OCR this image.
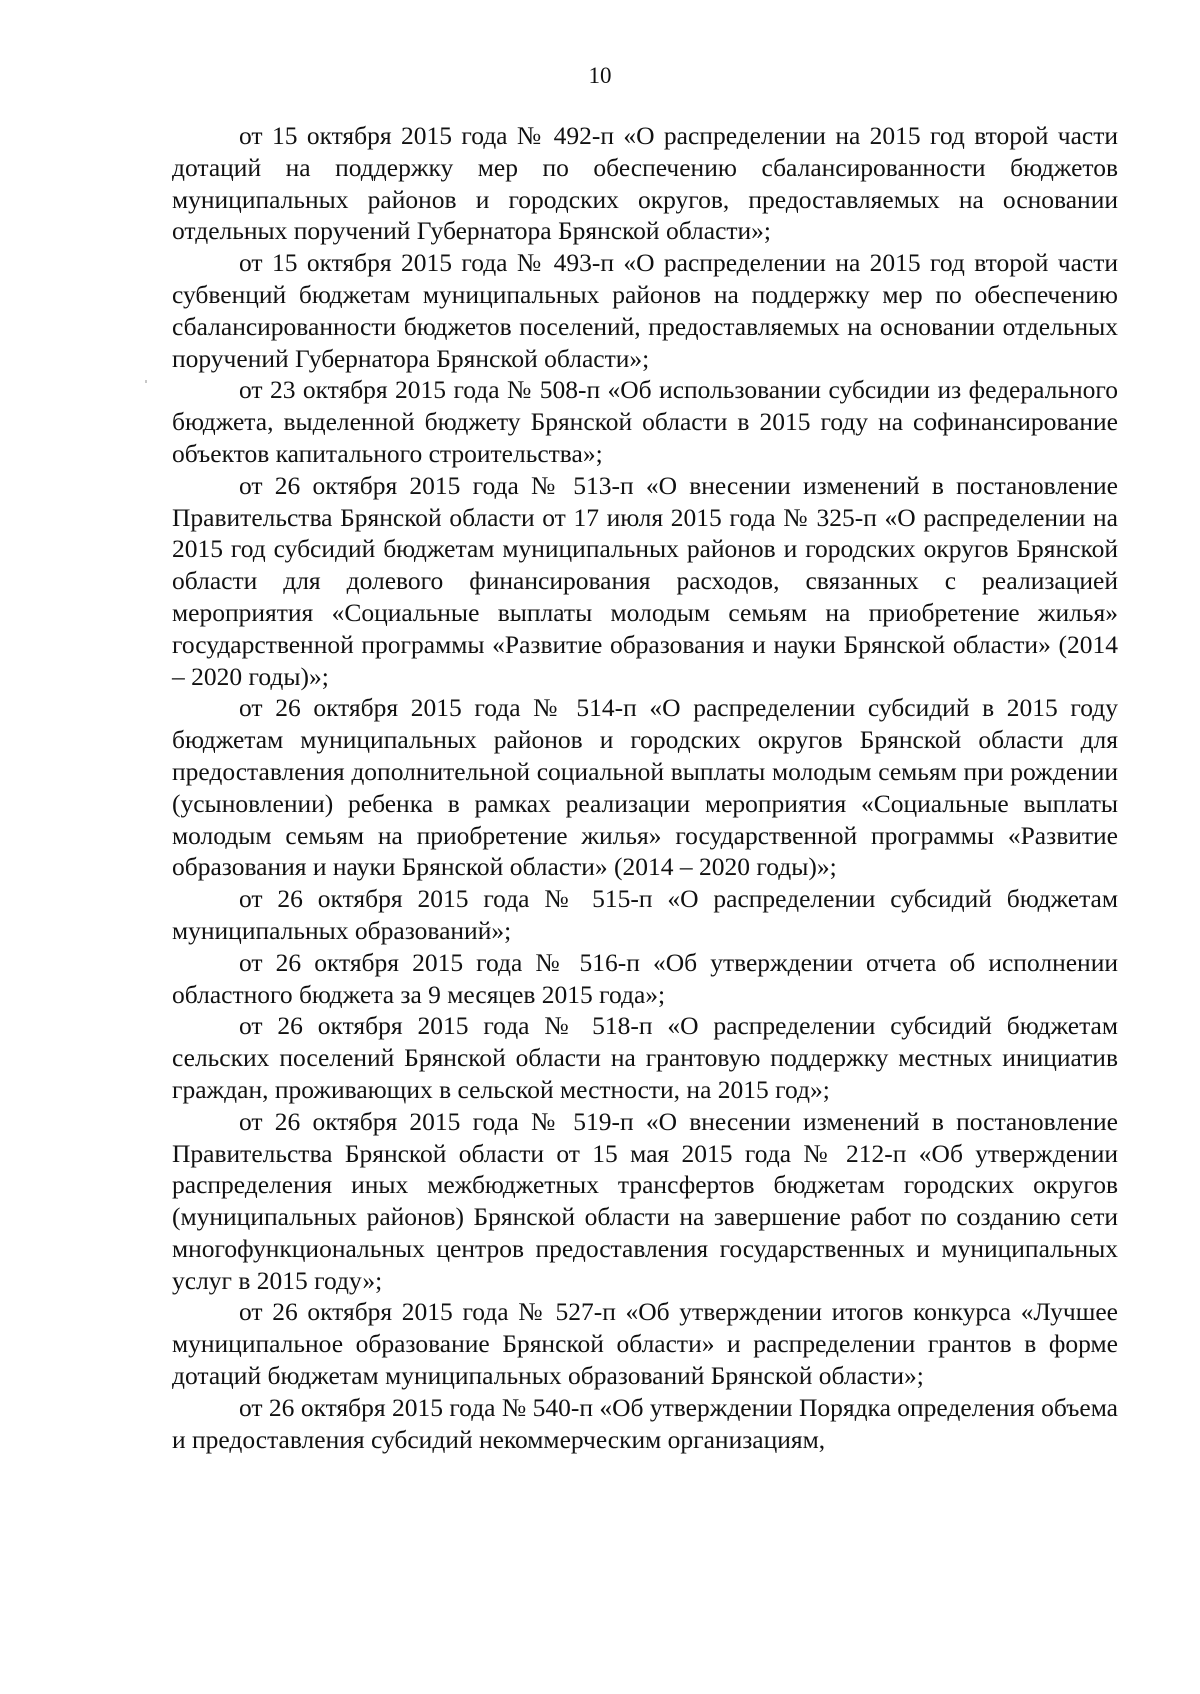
10

от 15 октября 2015 года № 492-п «О распределении на 2015 год второй части дотаций на поддержку мер по обеспечению сбалансированности бюджетов муниципальных районов и городских округов, предоставляемых на основании отдельных поручений Губернатора Брянской области»;

от 15 октября 2015 года № 493-п «О распределении на 2015 год второй части субвенций бюджетам муниципальных районов на поддержку мер по обеспечению сбалансированности бюджетов поселений, предоставляемых на основании отдельных поручений Губернатора Брянской области»;

от 23 октября 2015 года № 508-п «Об использовании субсидии из федерального бюджета, выделенной бюджету Брянской области в 2015 году на софинансирование объектов капитального строительства»;

от 26 октября 2015 года № 513-п «О внесении изменений в постановление Правительства Брянской области от 17 июля 2015 года № 325-п «О распределении на 2015 год субсидий бюджетам муниципальных районов и городских округов Брянской области для долевого финансирования расходов, связанных с реализацией мероприятия «Социальные выплаты молодым семьям на приобретение жилья» государственной программы «Развитие образования и науки Брянской области» (2014 – 2020 годы)»;

от 26 октября 2015 года № 514-п «О распределении субсидий в 2015 году бюджетам муниципальных районов и городских округов Брянской области для предоставления дополнительной социальной выплаты молодым семьям при рождении (усыновлении) ребенка в рамках реализации мероприятия «Социальные выплаты молодым семьям на приобретение жилья» государственной программы «Развитие образования и науки Брянской области» (2014 – 2020 годы)»;

от 26 октября 2015 года № 515-п «О распределении субсидий бюджетам муниципальных образований»;

от 26 октября 2015 года № 516-п «Об утверждении отчета об исполнении областного бюджета за 9 месяцев 2015 года»;

от 26 октября 2015 года № 518-п «О распределении субсидий бюджетам сельских поселений Брянской области на грантовую поддержку местных инициатив граждан, проживающих в сельской местности, на 2015 год»;

от 26 октября 2015 года № 519-п «О внесении изменений в постановление Правительства Брянской области от 15 мая 2015 года № 212-п «Об утверждении распределения иных межбюджетных трансфертов бюджетам городских округов (муниципальных районов) Брянской области на завершение работ по созданию сети многофункциональных центров предоставления государственных и муниципальных услуг в 2015 году»;

от 26 октября 2015 года № 527-п «Об утверждении итогов конкурса «Лучшее муниципальное образование Брянской области» и распределении грантов в форме дотаций бюджетам муниципальных образований Брянской области»;

от 26 октября 2015 года № 540-п «Об утверждении Порядка определения объема и предоставления субсидий некоммерческим организациям,
